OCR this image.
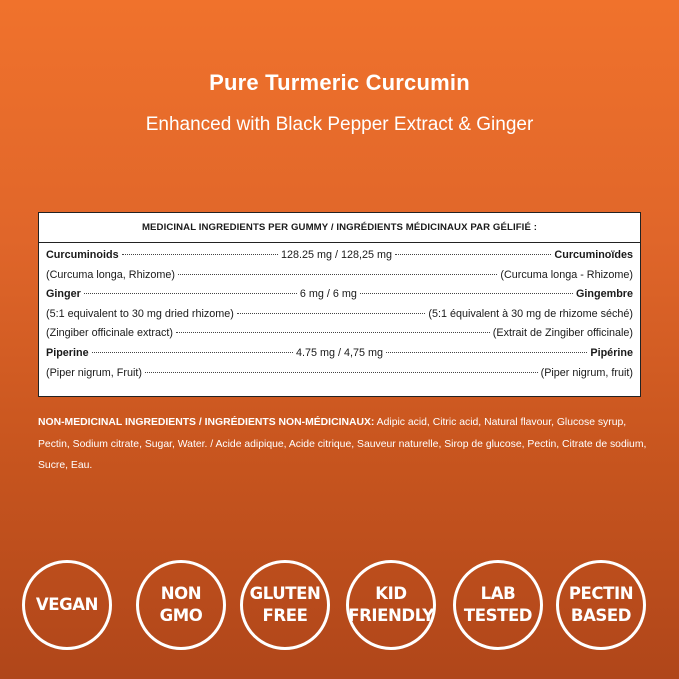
Pure Turmeric Curcumin
Enhanced with Black Pepper Extract & Ginger
MEDICINAL INGREDIENTS PER GUMMY / INGRÉDIENTS MÉDICINAUX PAR GÉLIFIÉ :
Curcuminoids	128.25 mg / 128,25 mg	Curcuminoïdes
(Curcuma longa, Rhizome)	(Curcuma longa - Rhizome)
Ginger	6 mg / 6 mg	Gingembre
(5:1 equivalent to 30 mg dried rhizome)	(5:1 équivalent à 30 mg de rhizome séché)
(Zingiber officinale extract)	(Extrait de Zingiber officinale)
Piperine	4.75 mg / 4,75 mg	Pipérine
(Piper nigrum, Fruit)	(Piper nigrum, fruit)
NON-MEDICINAL INGREDIENTS / INGRÉDIENTS NON-MÉDICINAUX: Adipic acid, Citric acid, Natural flavour, Glucose syrup, Pectin, Sodium citrate, Sugar, Water. / Acide adipique, Acide citrique, Sauveur naturelle, Sirop de glucose, Pectin, Citrate de sodium, Sucre, Eau.
VEGAN
NON
GMO
GLUTEN
FREE
KID
FRIENDLY
LAB
TESTED
PECTIN
BASED
